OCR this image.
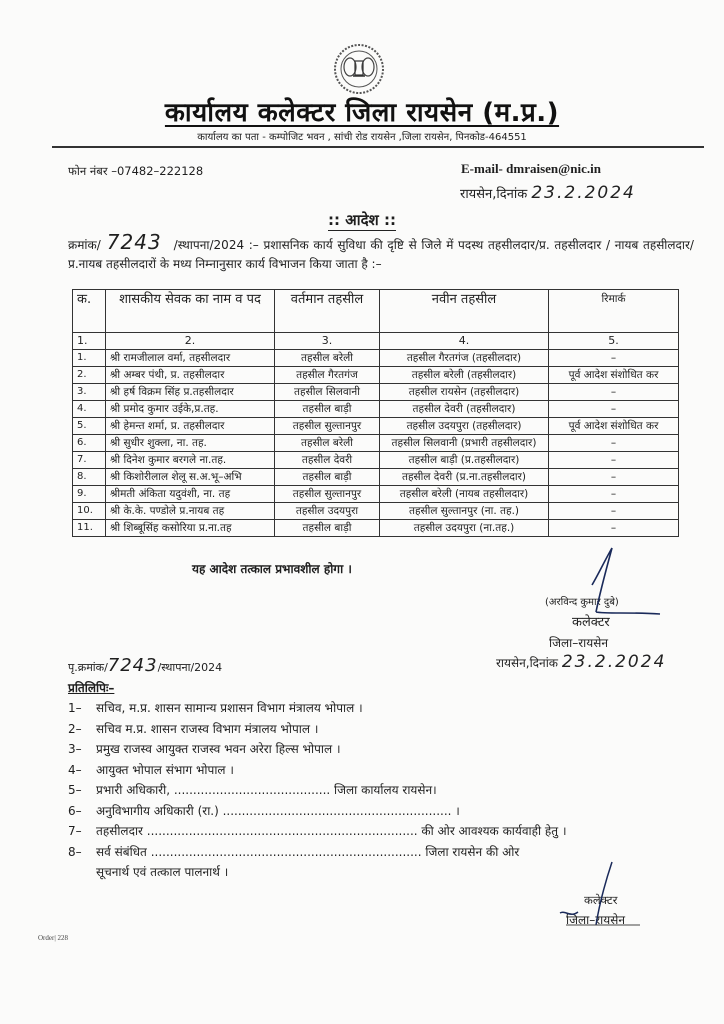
कार्यालय कलेक्टर जिला रायसेन (म.प्र.)
कार्यालय का पता - कम्पोजिट भवन , सांची रोड रायसेन ,जिला रायसेन, पिनकोड-464551
फोन नंबर –07482–222128	E-mail- dmraisen@nic.in
रायसेन,दिनांक 23.2.2024
:: आदेश ::
क्रमांक/ 7243 /स्थापना/2024 :– प्रशासनिक कार्य सुविधा की दृष्टि से जिले में पदस्थ तहसीलदार/प्र. तहसीलदार / नायब तहसीलदार/प्र.नायब तहसीलदारों के मध्य निम्नानुसार कार्य विभाजन किया जाता है :–
क.	शासकीय सेवक का नाम व पद	वर्तमान तहसील	नवीन तहसील	रिमार्क
1.	2.	3.	4.	5.
1.	श्री रामजीलाल वर्मा, तहसीलदार	तहसील बरेली	तहसील गैरतगंज (तहसीलदार)	–
2.	श्री अम्बर पंथी, प्र. तहसीलदार	तहसील गैरतगंज	तहसील बरेली (तहसीलदार)	पूर्व आदेश संशोधित कर
3.	श्री हर्ष विक्रम सिंह प्र.तहसीलदार	तहसील सिलवानी	तहसील रायसेन (तहसीलदार)	–
4.	श्री प्रमोद कुमार उईके,प्र.तह.	तहसील बाड़ी	तहसील देवरी (तहसीलदार)	–
5.	श्री हेमन्त शर्मा, प्र. तहसीलदार	तहसील सुल्तानपुर	तहसील उदयपुरा (तहसीलदार)	पूर्व आदेश संशोधित कर
6.	श्री सुधीर शुक्ला, ना. तह.	तहसील बरेली	तहसील सिलवानी (प्रभारी तहसीलदार)	–
7.	श्री दिनेश कुमार बरगले ना.तह.	तहसील देवरी	तहसील बाड़ी (प्र.तहसीलदार)	–
8.	श्री किशोरीलाल शेलू स.अ.भू–अभि	तहसील बाड़ी	तहसील देवरी (प्र.ना.तहसीलदार)	–
9.	श्रीमती अंकिता यदुवंशी, ना. तह	तहसील सुल्तानपुर	तहसील बरेली (नायब तहसीलदार)	–
10.	श्री के.के. पण्डोले प्र.नायब तह	तहसील उदयपुरा	तहसील सुल्तानपुर (ना. तह.)	–
11.	श्री शिब्बूसिंह कसोरिया प्र.ना.तह	तहसील बाड़ी	तहसील उदयपुरा (ना.तह.)	–
यह आदेश तत्काल प्रभावशील होगा ।
(अरविन्द कुमार दुबे)
कलेक्टर
जिला–रायसेन
रायसेन,दिनांक 23.2.2024
पृ.क्रमांक/7243/स्थापना/2024
प्रतिलिपिः–
1–	सचिव, म.प्र. शासन सामान्य प्रशासन विभाग मंत्रालय भोपाल ।
2–	सचिव म.प्र. शासन राजस्व विभाग मंत्रालय भोपाल ।
3–	प्रमुख राजस्व आयुक्त राजस्व भवन अरेरा हिल्स भोपाल ।
4–	आयुक्त भोपाल संभाग भोपाल ।
5–	प्रभारी अधिकारी, ......................................... जिला कार्यालय रायसेन।
6–	अनुविभागीय अधिकारी (रा.) ............................................................ ।
7–	तहसीलदार ....................................................................... की ओर आवश्यक कार्यवाही हेतु ।
8–	सर्व संबंधित ....................................................................... जिला रायसेन की ओर
सूचनार्थ एवं तत्काल पालनार्थ ।
कलेक्टर
जिला–रायसेन
Order| 228
